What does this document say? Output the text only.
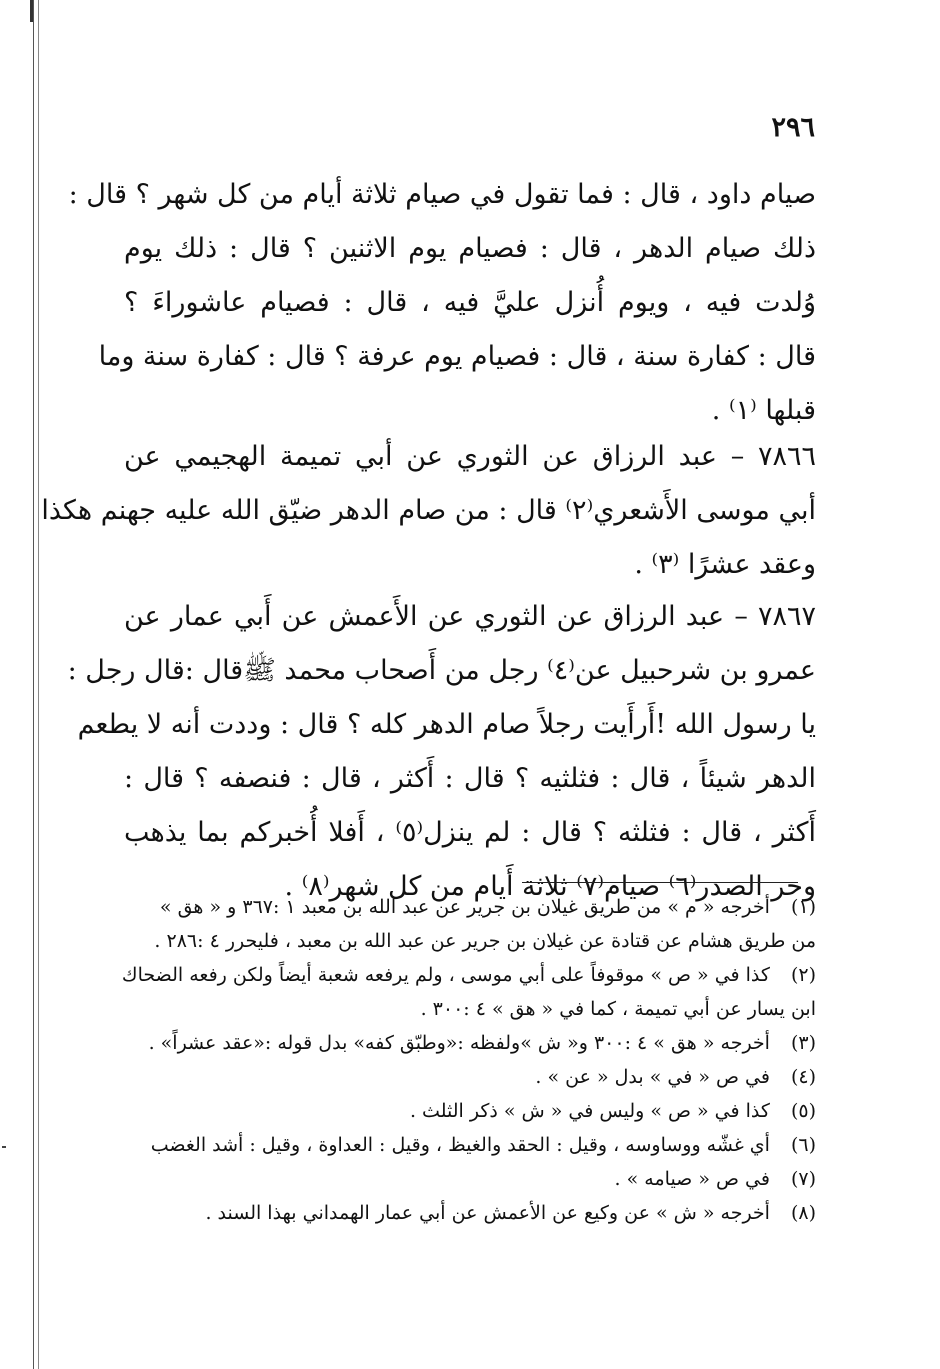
٢٩٦
صيام داود ، قال : فما تقول في صيام ثلاثة أيام من كل شهر ؟ قال :
ذلك صيام الدهر ، قال : فصيام يوم الاثنين ؟ قال : ذلك يوم
وُلدت فيه ، ويوم أُنزل عليَّ فيه ، قال : فصيام عاشوراءَ ؟
قال : كفارة سنة ، قال : فصيام يوم عرفة ؟ قال : كفارة سنة وما
قبلها ⁽١⁾ .
٧٨٦٦ – عبد الرزاق عن الثوري عن أبي تميمة الهجيمي عن
أبي موسى الأَشعري⁽٢⁾ قال : من صام الدهر ضيّق الله عليه جهنم هكذا
وعقد عشرًا ⁽٣⁾ .
٧٨٦٧ – عبد الرزاق عن الثوري عن الأَعمش عن أَبي عمار عن
عمرو بن شرحبيل عن⁽٤⁾ رجل من أَصحاب محمد ﷺقال :قال رجل :
يا رسول الله !أَرأَيت رجلاً صام الدهر كله ؟ قال : وددت أنه لا يطعم
الدهر شيئاً ، قال : فثلثيه ؟ قال : أَكثر ، قال : فنصفه ؟ قال :
أَكثر ، قال : فثلثه ؟ قال : لم ينزل⁽٥⁾ ، أَفلا أُخبركم بما يذهب
وحر الصدر⁽٦⁾ صيام⁽٧⁾ ثلاثة أَيام من كل شهر⁽٨⁾ .
(١) أخرجه « م » من طريق غيلان بن جرير عن عبد الله بن معبد ١ :٣٦٧ و « هق »
من طريق هشام عن قتادة عن غيلان بن جرير عن عبد الله بن معبد ، فليحرر ٤ :٢٨٦ .
(٢) كذا في « ص » موقوفاً على أبي موسى ، ولم يرفعه شعبة أيضاً ولكن رفعه الضحاك
ابن يسار عن أبي تميمة ، كما في « هق » ٤ :٣٠٠ .
(٣) أخرجه « هق » ٤ :٣٠٠ و« ش »ولفظه :«وطبّق كفه» بدل قوله :«عقد عشراً» .
(٤) في ص « في » بدل « عن » .
(٥) كذا في « ص » وليس في « ش » ذكر الثلث .
(٦) أي غشّه ووساوسه ، وقيل : الحقد والغيظ ، وقيل : العداوة ، وقيل : أشد الغضب
(٧) في ص « صيامه » .
(٨) أخرجه « ش » عن وكيع عن الأعمش عن أبي عمار الهمداني بهذا السند .
